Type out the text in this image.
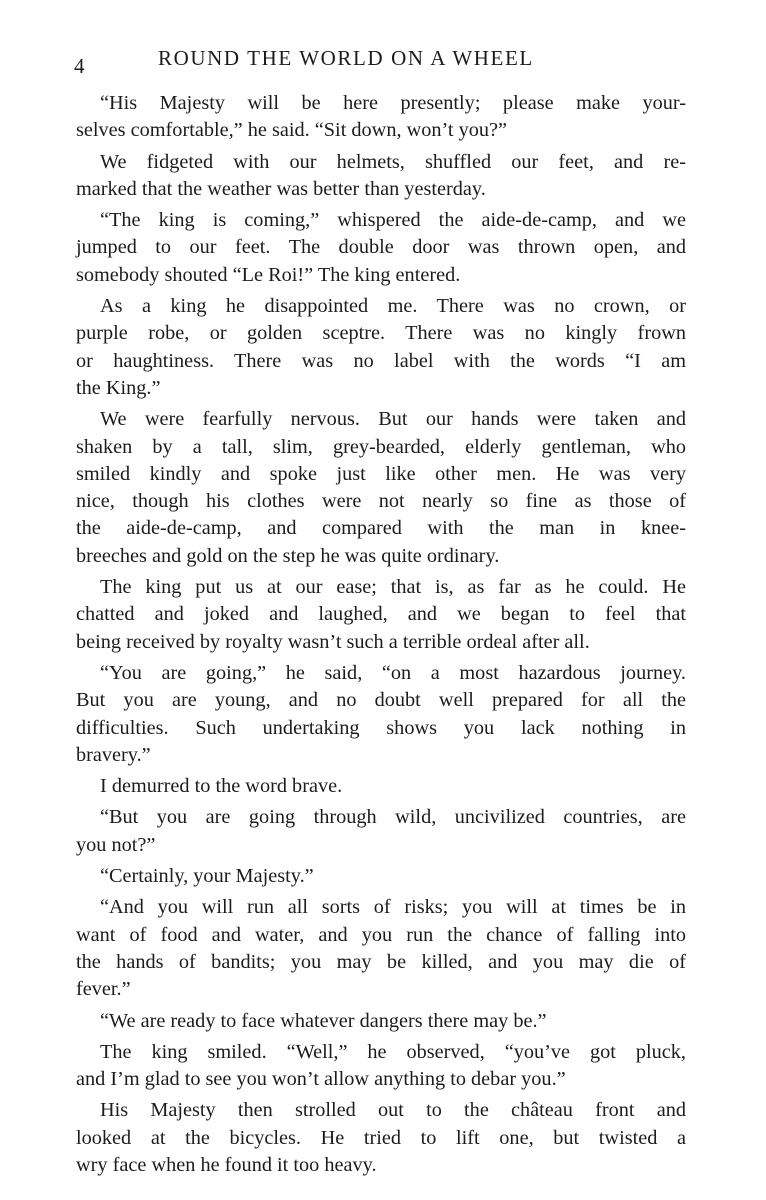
4	ROUND THE WORLD ON A WHEEL
“His Majesty will be here presently; please make your-
selves comfortable,” he said. “Sit down, won’t you?”
We fidgeted with our helmets, shuffled our feet, and re-
marked that the weather was better than yesterday.
“The king is coming,” whispered the aide-de-camp, and we
jumped to our feet. The double door was thrown open, and
somebody shouted “Le Roi!” The king entered.
As a king he disappointed me. There was no crown, or
purple robe, or golden sceptre. There was no kingly frown
or haughtiness. There was no label with the words “I am
the King.”
We were fearfully nervous. But our hands were taken and
shaken by a tall, slim, grey-bearded, elderly gentleman, who
smiled kindly and spoke just like other men. He was very
nice, though his clothes were not nearly so fine as those of
the aide-de-camp, and compared with the man in knee-
breeches and gold on the step he was quite ordinary.
The king put us at our ease; that is, as far as he could. He
chatted and joked and laughed, and we began to feel that
being received by royalty wasn’t such a terrible ordeal after all.
“You are going,” he said, “on a most hazardous journey.
But you are young, and no doubt well prepared for all the
difficulties. Such undertaking shows you lack nothing in
bravery.”
I demurred to the word brave.
“But you are going through wild, uncivilized countries, are
you not?”
“Certainly, your Majesty.”
“And you will run all sorts of risks; you will at times be in
want of food and water, and you run the chance of falling into
the hands of bandits; you may be killed, and you may die of
fever.”
“We are ready to face whatever dangers there may be.”
The king smiled. “Well,” he observed, “you’ve got pluck,
and I’m glad to see you won’t allow anything to debar you.”
His Majesty then strolled out to the château front and
looked at the bicycles. He tried to lift one, but twisted a
wry face when he found it too heavy.
